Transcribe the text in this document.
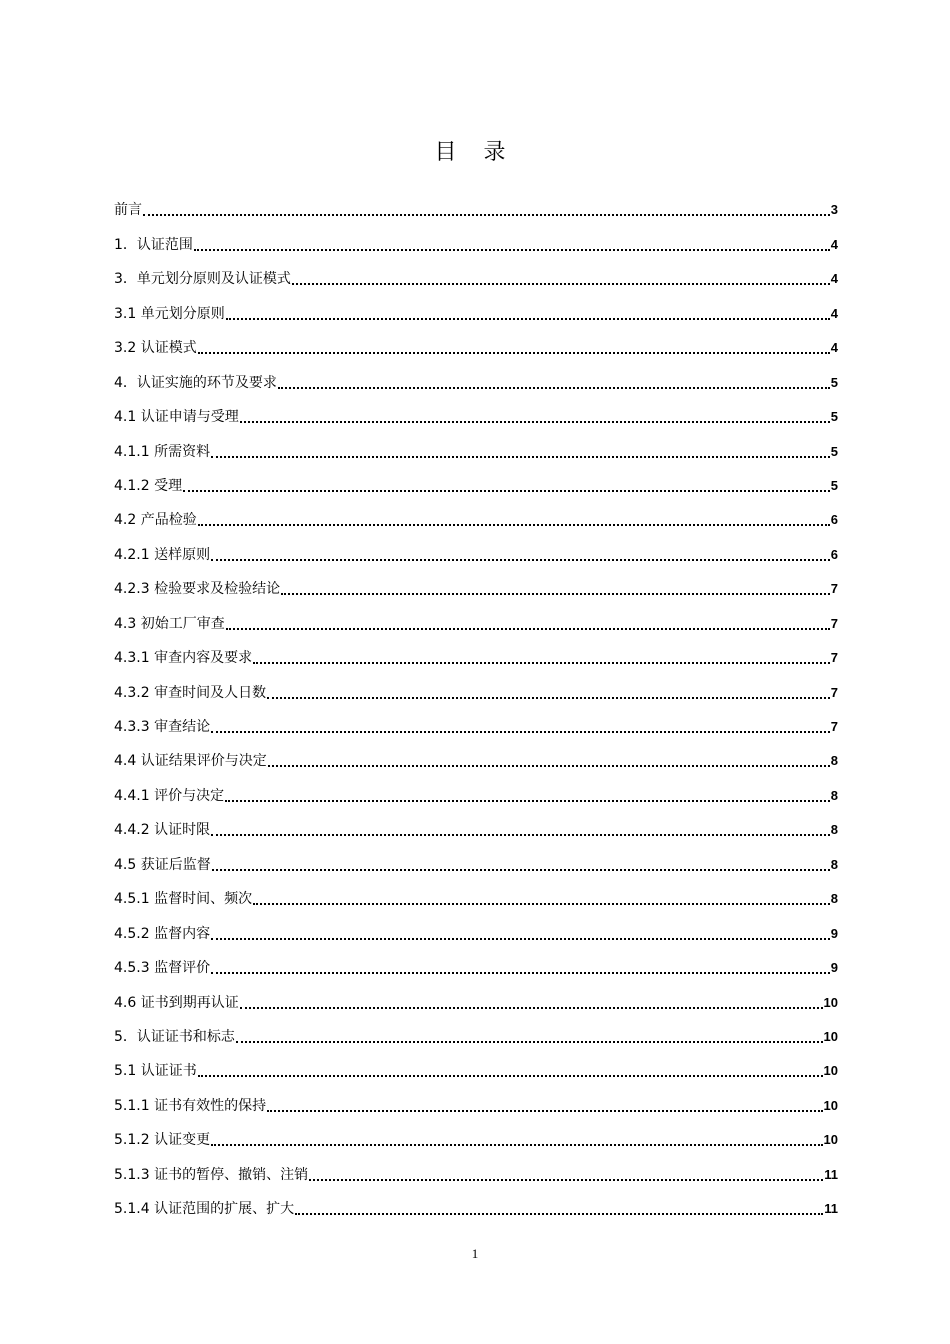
目 录
前言	3
1．认证范围	4
3．单元划分原则及认证模式	4
3.1 单元划分原则	4
3.2 认证模式	4
4．认证实施的环节及要求	5
4.1 认证申请与受理	5
4.1.1 所需资料	5
4.1.2 受理	5
4.2 产品检验	6
4.2.1 送样原则	6
4.2.3 检验要求及检验结论	7
4.3 初始工厂审查	7
4.3.1 审查内容及要求	7
4.3.2 审查时间及人日数	7
4.3.3 审查结论	7
4.4 认证结果评价与决定	8
4.4.1 评价与决定	8
4.4.2 认证时限	8
4.5 获证后监督	8
4.5.1 监督时间、频次	8
4.5.2 监督内容	9
4.5.3 监督评价	9
4.6 证书到期再认证	10
5．认证证书和标志	10
5.1 认证证书	10
5.1.1 证书有效性的保持	10
5.1.2 认证变更	10
5.1.3 证书的暂停、撤销、注销	11
5.1.4 认证范围的扩展、扩大	11
1
